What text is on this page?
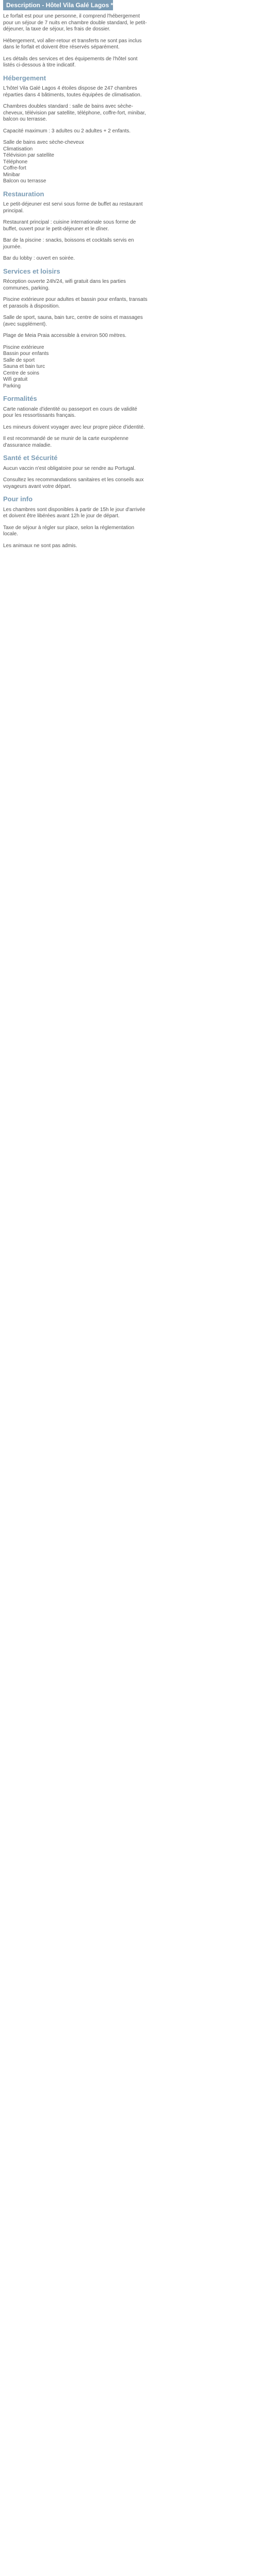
Description - Hôtel Vila Galé Lagos ****

Le forfait est pour une personne, il comprend l'hébergement pour un séjour de 7 nuits en chambre double standard, le petit-déjeuner, la taxe de séjour, les frais de dossier.

Hébergement, vol aller-retour et transferts ne sont pas inclus dans le forfait et doivent être réservés séparément.

Les détails des services et des équipements de l'hôtel sont listés ci-dessous à titre indicatif.

Hébergement

L'hôtel Vila Galé Lagos 4 étoiles dispose de 247 chambres réparties dans 4 bâtiments, toutes équipées de climatisation.

Chambres doubles standard : salle de bains avec sèche-cheveux, télévision par satellite, téléphone, coffre-fort, minibar, balcon ou terrasse.

Capacité maximum : 3 adultes ou 2 adultes + 2 enfants.

Salle de bains avec sèche-cheveux
Climatisation
Télévision par satellite
Téléphone
Coffre-fort
Minibar
Balcon ou terrasse
Restauration

Le petit-déjeuner est servi sous forme de buffet au restaurant principal.

Restaurant principal : cuisine internationale sous forme de buffet, ouvert pour le petit-déjeuner et le dîner.

Bar de la piscine : snacks, boissons et cocktails servis en journée.

Bar du lobby : ouvert en soirée.

Services et loisirs

Réception ouverte 24h/24, wifi gratuit dans les parties communes, parking.

Piscine extérieure pour adultes et bassin pour enfants, transats et parasols à disposition.

Salle de sport, sauna, bain turc, centre de soins et massages (avec supplément).

Plage de Meia Praia accessible à environ 500 mètres.

Piscine extérieure
Bassin pour enfants
Salle de sport
Sauna et bain turc
Centre de soins
Wifi gratuit
Parking
Formalités

Carte nationale d'identité ou passeport en cours de validité pour les ressortissants français.

Les mineurs doivent voyager avec leur propre pièce d'identité.

Il est recommandé de se munir de la carte européenne d'assurance maladie.

Santé et Sécurité

Aucun vaccin n'est obligatoire pour se rendre au Portugal.

Consultez les recommandations sanitaires et les conseils aux voyageurs avant votre départ.

Pour info

Les chambres sont disponibles à partir de 15h le jour d'arrivée et doivent être libérées avant 12h le jour de départ.

Taxe de séjour à régler sur place, selon la réglementation locale.

Les animaux ne sont pas admis.
